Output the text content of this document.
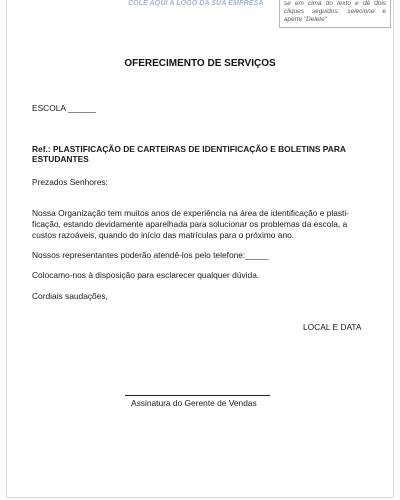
COLE AQUI A LOGO DA SUA EMPRESA	se em cima do texto e dê dois cliques seguidos, selecione e aperte "Delete"
OFERECIMENTO DE SERVIÇOS
ESCOLA ______
Ref.: PLASTIFICAÇÃO DE CARTEIRAS DE IDENTIFICAÇÃO E BOLETINS PARA
ESTUDANTES
Prezados Senhores:
Nossa Organização tem muitos anos de experiência na área de identificação e plasti-
ficação, estando devidamente aparelhada para solucionar os problemas da escola, a
custos razoáveis, quando do início das matrículas para o próximo ano.
Nossos representantes poderão atendê-los pelo telefone:_____
Colocamo-nos à disposição para esclarecer qualquer dúvida.
Cordiais saudações,
LOCAL E DATA
Assinatura do Gerente de Vendas
